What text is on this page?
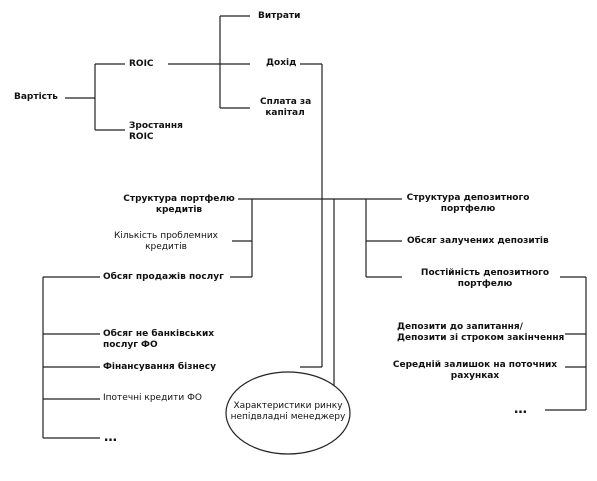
Вартість
ROIC
Зростання
ROIC
Витрати
Дохід
Сплата за
капітал
Структура портфелю
кредитів
Кількість проблемних
кредитів
Обсяг продажів послуг
Обсяг не банківських
послуг ФО
Фінансування бізнесу
Іпотечні кредити ФО
…
Структура депозитного
портфелю
Обсяг залучених депозитів
Постійність депозитного
портфелю
Депозити до запитання/
Депозити зі строком закінчення
Середній залишок на поточних
рахунках
…
Характеристики ринку
непідвладні менеджеру
